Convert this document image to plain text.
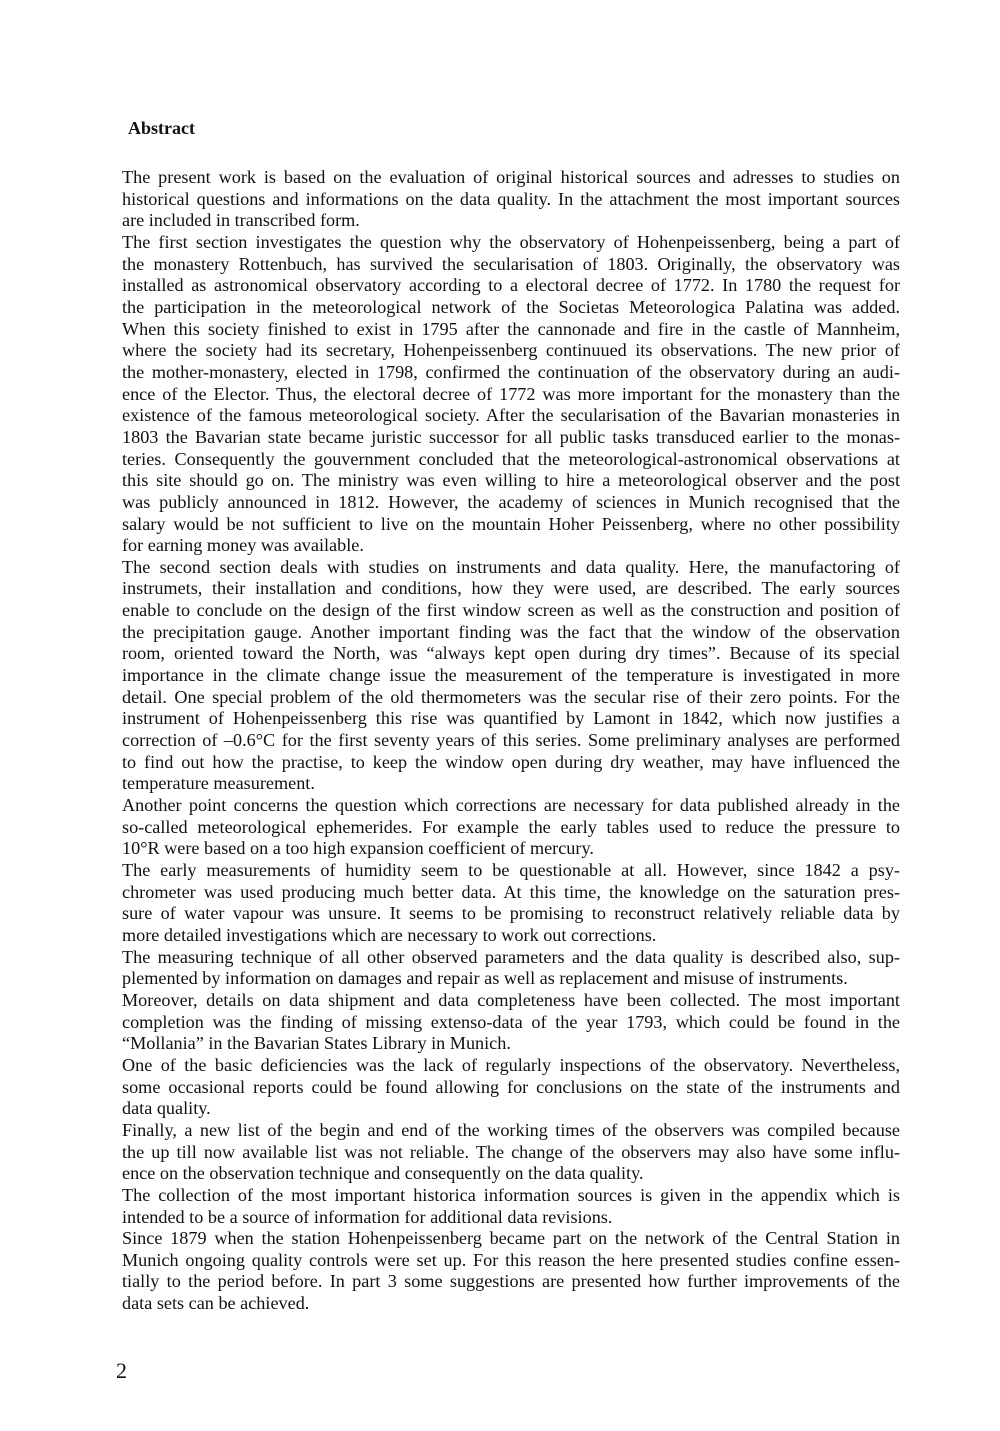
Abstract
The present work is based on the evaluation of original historical sources and adresses to studies on
historical questions and informations on the data quality. In the attachment the most important sources
are included in transcribed form.
The first section investigates the question why the observatory of Hohenpeissenberg, being a part of
the monastery Rottenbuch, has survived the secularisation of 1803. Originally, the observatory was
installed as astronomical observatory according to a electoral decree of 1772. In 1780 the request for
the participation in the meteorological network of the Societas Meteorologica Palatina was added.
When this society finished to exist in 1795 after the cannonade and fire in the castle of Mannheim,
where the society had its secretary, Hohenpeissenberg continuued its observations. The new prior of
the mother-monastery, elected in 1798, confirmed the continuation of the observatory during an audi-
ence of the Elector. Thus, the electoral decree of 1772 was more important for the monastery than the
existence of the famous meteorological society. After the secularisation of the Bavarian monasteries in
1803 the Bavarian state became juristic successor for all public tasks transduced earlier to the monas-
teries. Consequently the gouvernment concluded that the meteorological-astronomical observations at
this site should go on. The ministry was even willing to hire a meteorological observer and the post
was publicly announced in 1812. However, the academy of sciences in Munich recognised that the
salary would be not sufficient to live on the mountain Hoher Peissenberg, where no other possibility
for earning money was available.
The second section deals with studies on instruments and data quality. Here, the manufactoring of
instrumets, their installation and conditions, how they were used, are described. The early sources
enable to conclude on the design of the first window screen as well as the construction and position of
the precipitation gauge. Another important finding was the fact that the window of the observation
room, oriented toward the North, was “always kept open during dry times”. Because of its special
importance in the climate change issue the measurement of the temperature is investigated in more
detail. One special problem of the old thermometers was the secular rise of their zero points. For the
instrument of Hohenpeissenberg this rise was quantified by Lamont in 1842, which now justifies a
correction of –0.6°C for the first seventy years of this series. Some preliminary analyses are performed
to find out how the practise, to keep the window open during dry weather, may have influenced the
temperature measurement.
Another point concerns the question which corrections are necessary for data published already in the
so-called meteorological ephemerides. For example the early tables used to reduce the pressure to
10°R were based on a too high expansion coefficient of mercury.
The early measurements of humidity seem to be questionable at all. However, since 1842 a psy-
chrometer was used producing much better data. At this time, the knowledge on the saturation pres-
sure of water vapour was unsure. It seems to be promising to reconstruct relatively reliable data by
more detailed investigations which are necessary to work out corrections.
The measuring technique of all other observed parameters and the data quality is described also, sup-
plemented by information on damages and repair as well as replacement and misuse of instruments.
Moreover, details on data shipment and data completeness have been collected. The most important
completion was the finding of missing extenso-data of the year 1793, which could be found in the
“Mollania” in the Bavarian States Library in Munich.
One of the basic deficiencies was the lack of regularly inspections of the observatory. Nevertheless,
some occasional reports could be found allowing for conclusions on the state of the instruments and
data quality.
Finally, a new list of the begin and end of the working times of the observers was compiled because
the up till now available list was not reliable. The change of the observers may also have some influ-
ence on the observation technique and consequently on the data quality.
The collection of the most important historica information sources is given in the appendix which is
intended to be a source of information for additional data revisions.
Since 1879 when the station Hohenpeissenberg became part on the network of the Central Station in
Munich ongoing quality controls were set up. For this reason the here presented studies confine essen-
tially to the period before. In part 3 some suggestions are presented how further improvements of the
data sets can be achieved.
2
